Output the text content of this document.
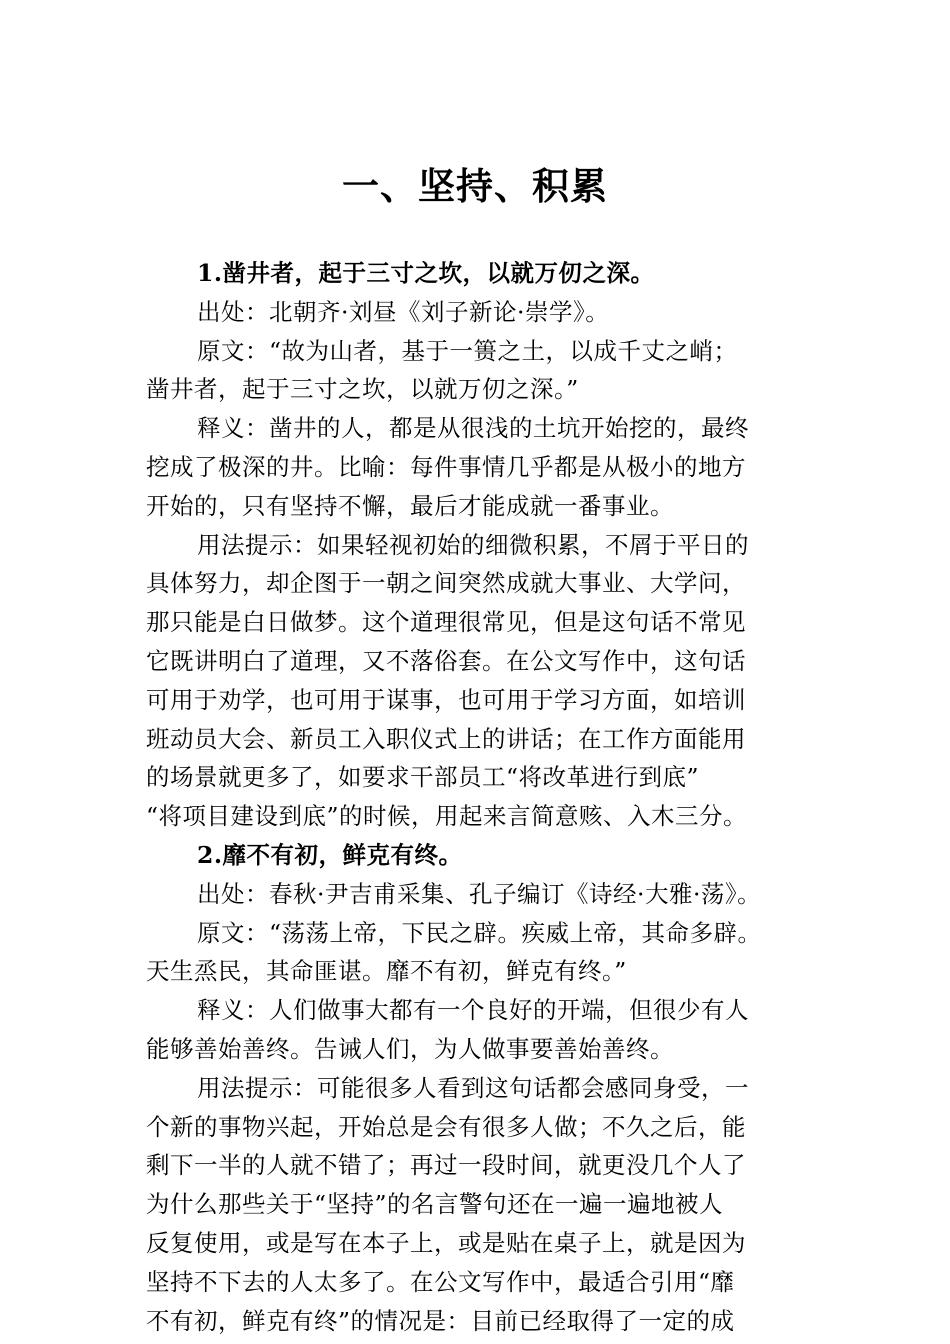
一、坚持、积累
1.凿井者，起于三寸之坎，以就万仞之深。
出处：北朝齐·刘昼《刘子新论·崇学》。
原文：“故为山者，基于一篑之土，以成千丈之峭；
凿井者，起于三寸之坎，以就万仞之深。”
释义：凿井的人，都是从很浅的土坑开始挖的，最终
挖成了极深的井。比喻：每件事情几乎都是从极小的地方
开始的，只有坚持不懈，最后才能成就一番事业。
用法提示：如果轻视初始的细微积累，不屑于平日的
具体努力，却企图于一朝之间突然成就大事业、大学问，
那只能是白日做梦。这个道理很常见，但是这句话不常见
它既讲明白了道理，又不落俗套。在公文写作中，这句话
可用于劝学，也可用于谋事，也可用于学习方面，如培训
班动员大会、新员工入职仪式上的讲话；在工作方面能用
的场景就更多了，如要求干部员工“将改革进行到底”
“将项目建设到底”的时候，用起来言简意赅、入木三分。
2.靡不有初，鲜克有终。
出处：春秋·尹吉甫采集、孔子编订《诗经·大雅·荡》。
原文：“荡荡上帝，下民之辟。疾威上帝，其命多辟。
天生烝民，其命匪谌。靡不有初，鲜克有终。”
释义：人们做事大都有一个良好的开端，但很少有人
能够善始善终。告诫人们，为人做事要善始善终。
用法提示：可能很多人看到这句话都会感同身受，一
个新的事物兴起，开始总是会有很多人做；不久之后，能
剩下一半的人就不错了；再过一段时间，就更没几个人了
为什么那些关于“坚持”的名言警句还在一遍一遍地被人
反复使用，或是写在本子上，或是贴在桌子上，就是因为
坚持不下去的人太多了。在公文写作中，最适合引用“靡
不有初，鲜克有终”的情况是：目前已经取得了一定的成
